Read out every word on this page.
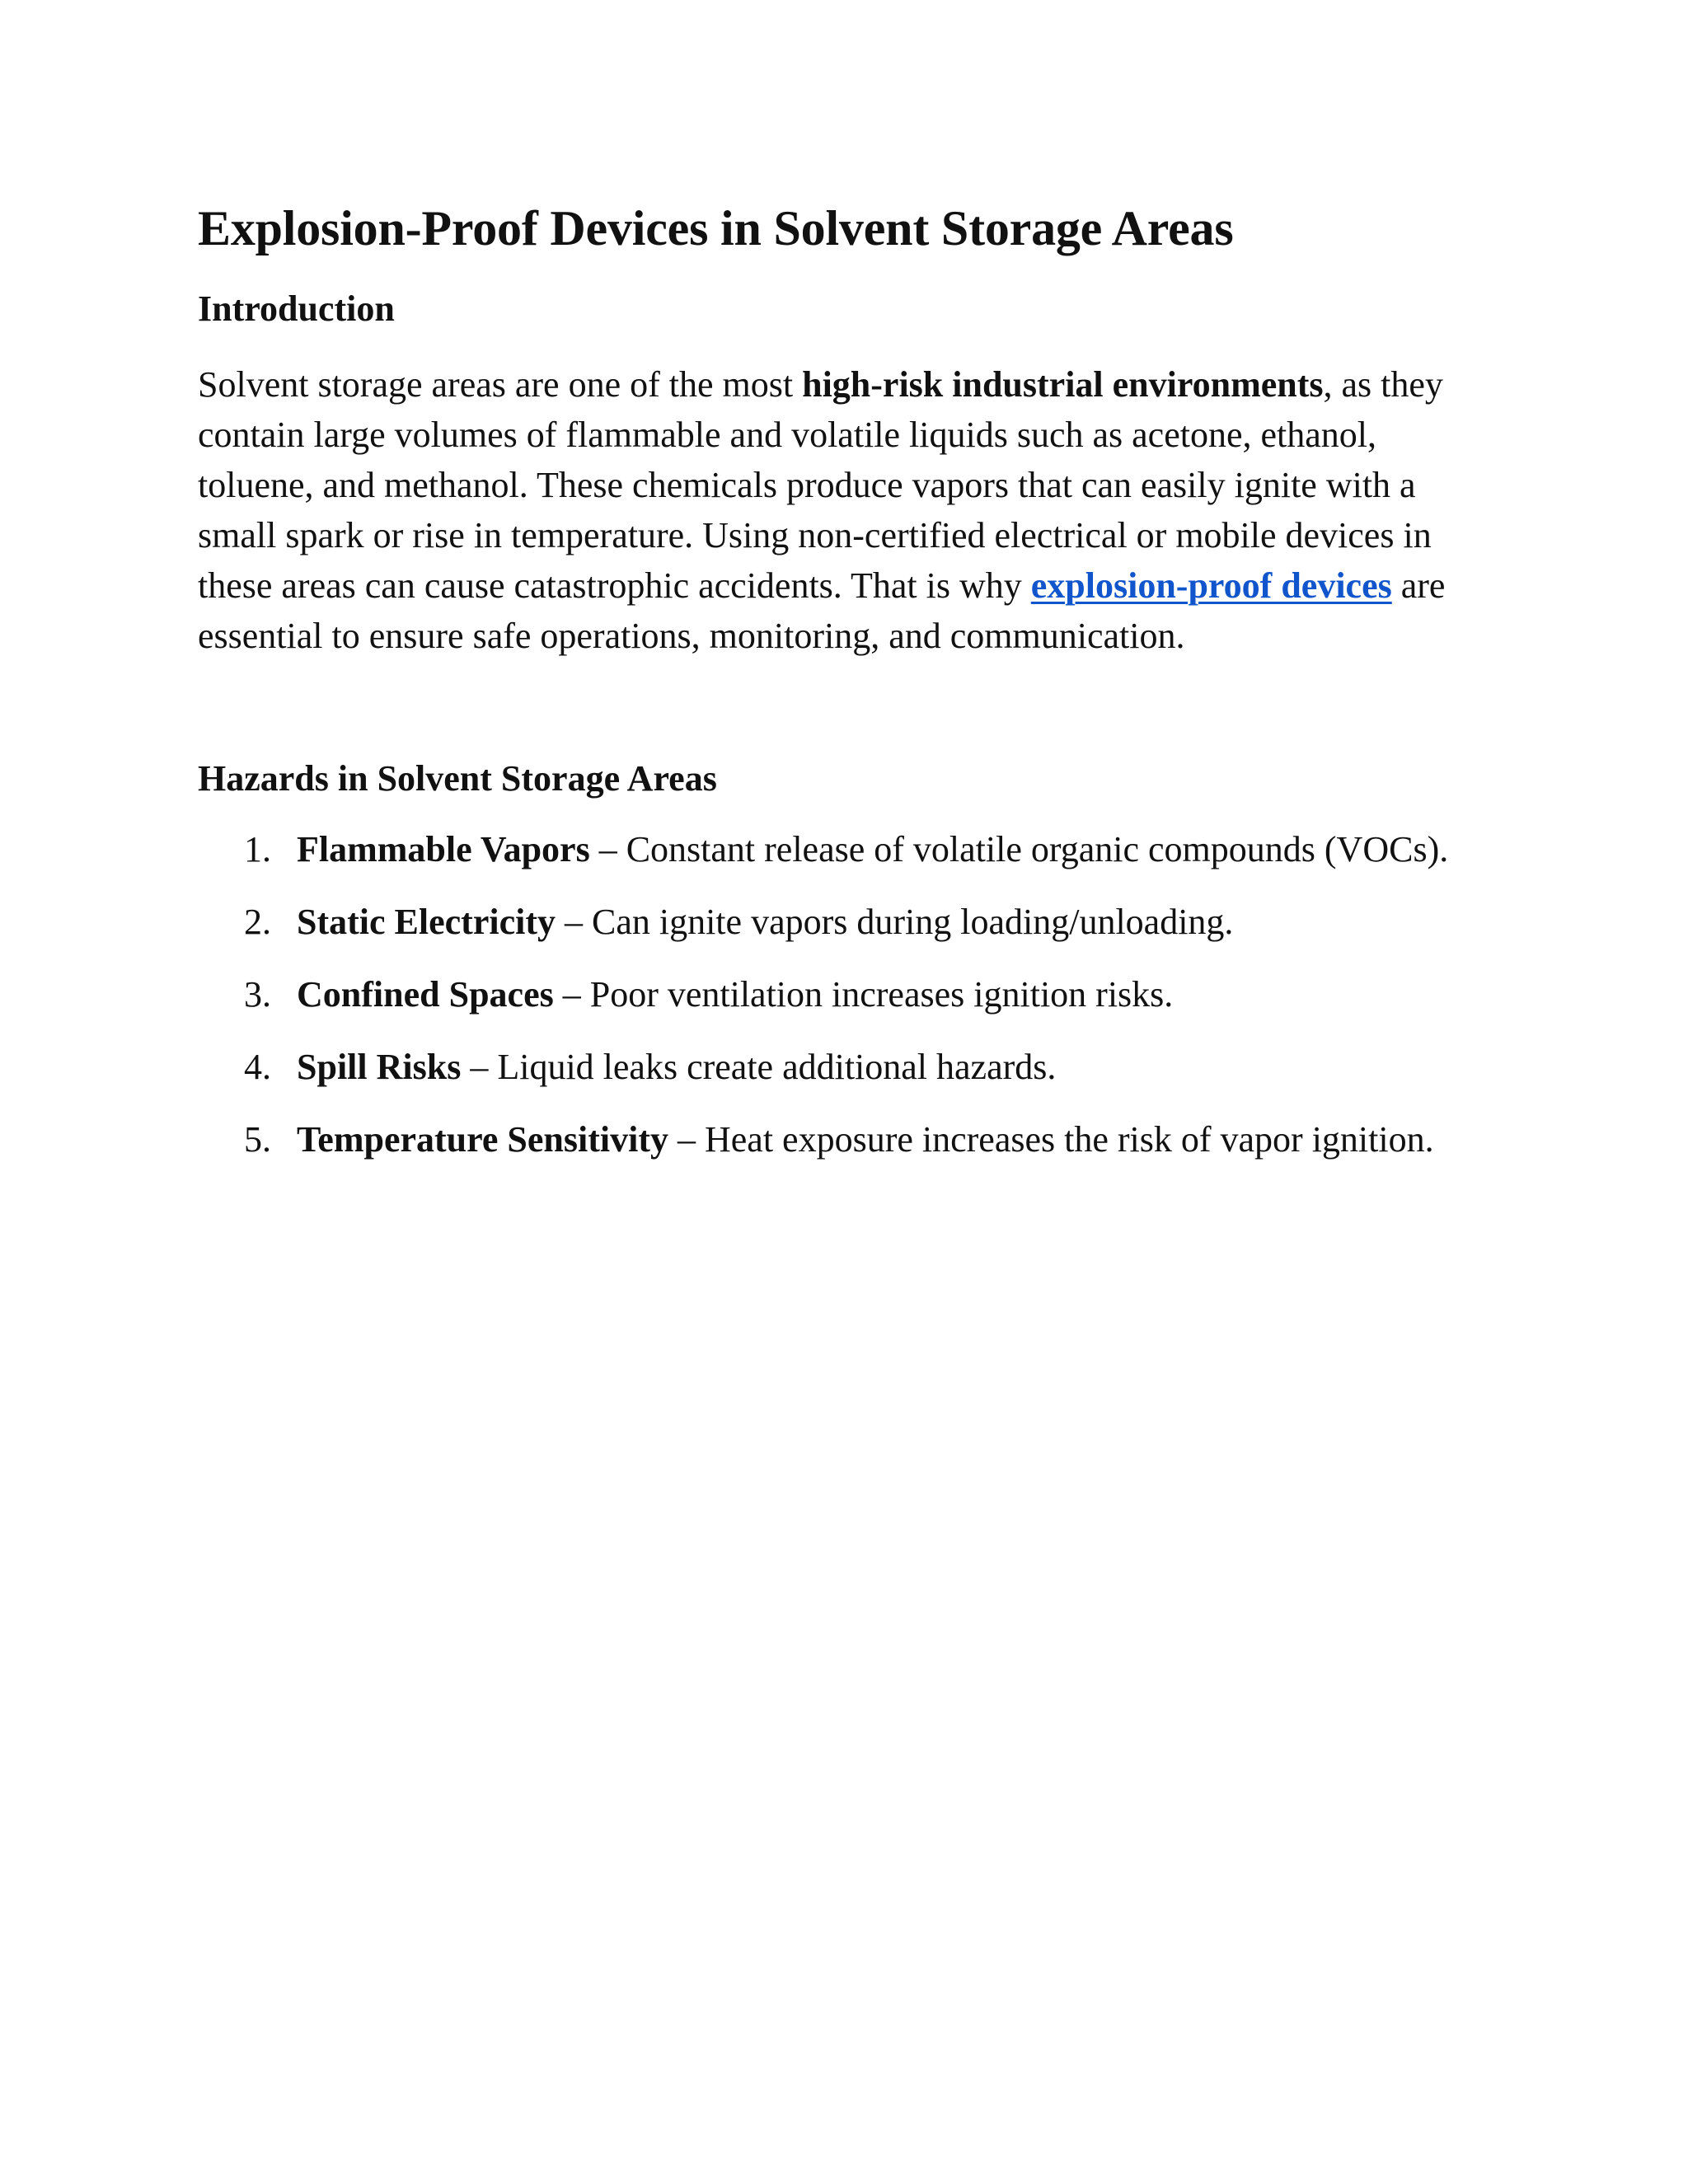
Explosion-Proof Devices in Solvent Storage Areas
Introduction

Solvent storage areas are one of the most high-risk industrial environments, as they contain large volumes of flammable and volatile liquids such as acetone, ethanol, toluene, and methanol. These chemicals produce vapors that can easily ignite with a small spark or rise in temperature. Using non-certified electrical or mobile devices in these areas can cause catastrophic accidents. That is why explosion-proof devices are essential to ensure safe operations, monitoring, and communication.

Hazards in Solvent Storage Areas
1. Flammable Vapors – Constant release of volatile organic compounds (VOCs).
2. Static Electricity – Can ignite vapors during loading/unloading.
3. Confined Spaces – Poor ventilation increases ignition risks.
4. Spill Risks – Liquid leaks create additional hazards.
5. Temperature Sensitivity – Heat exposure increases the risk of vapor ignition.
